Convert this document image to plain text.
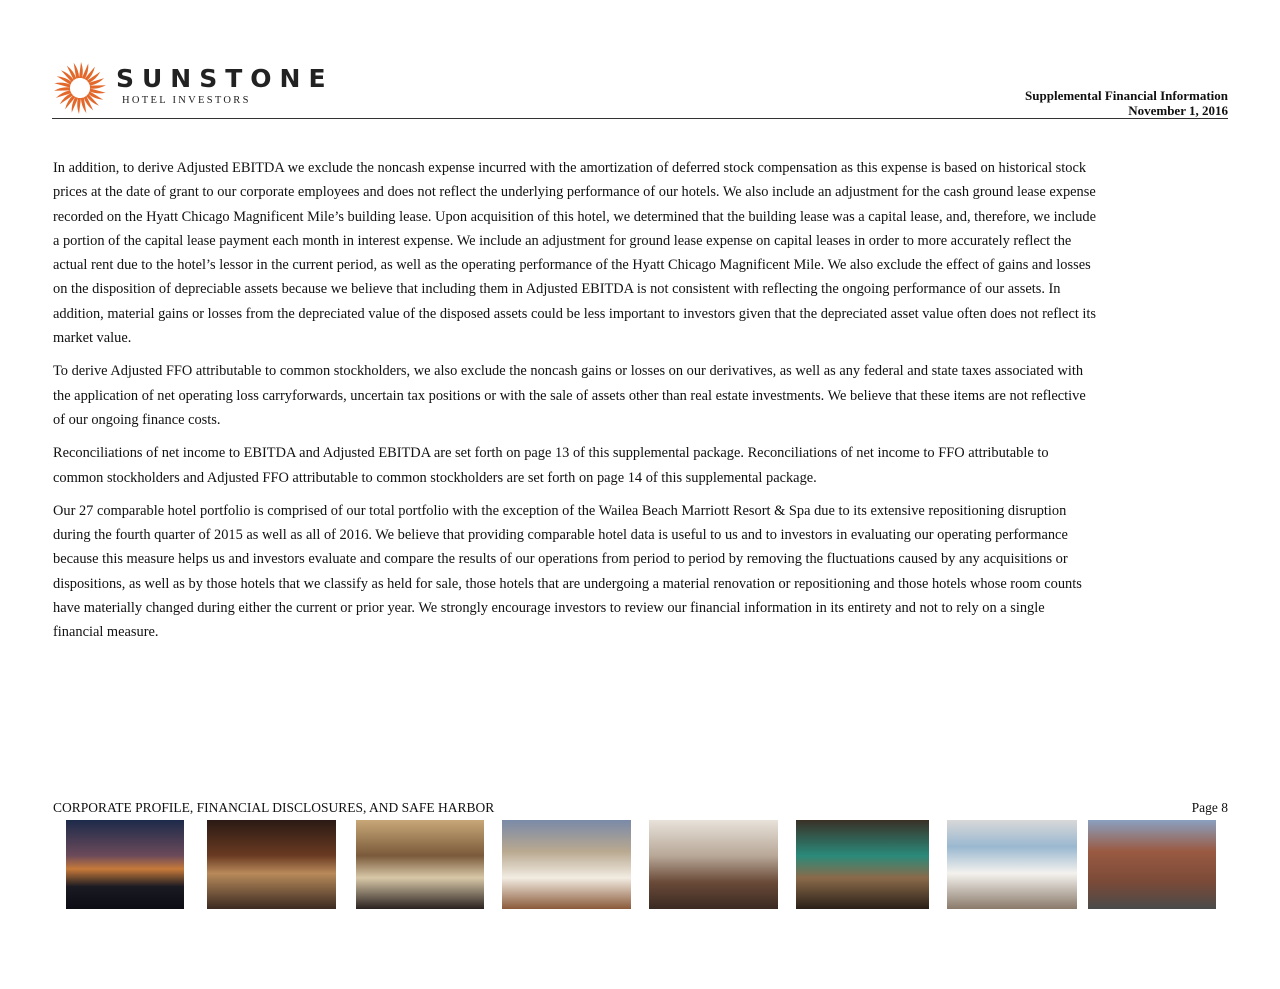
SUNSTONE
HOTEL INVESTORS	Supplemental Financial Information
November 1, 2016
In addition, to derive Adjusted EBITDA we exclude the noncash expense incurred with the amortization of deferred stock compensation as this expense is based on historical stock
prices at the date of grant to our corporate employees and does not reflect the underlying performance of our hotels. We also include an adjustment for the cash ground lease expense
recorded on the Hyatt Chicago Magnificent Mile’s building lease. Upon acquisition of this hotel, we determined that the building lease was a capital lease, and, therefore, we include
a portion of the capital lease payment each month in interest expense. We include an adjustment for ground lease expense on capital leases in order to more accurately reflect the
actual rent due to the hotel’s lessor in the current period, as well as the operating performance of the Hyatt Chicago Magnificent Mile. We also exclude the effect of gains and losses
on the disposition of depreciable assets because we believe that including them in Adjusted EBITDA is not consistent with reflecting the ongoing performance of our assets. In
addition, material gains or losses from the depreciated value of the disposed assets could be less important to investors given that the depreciated asset value often does not reflect its
market value.
To derive Adjusted FFO attributable to common stockholders, we also exclude the noncash gains or losses on our derivatives, as well as any federal and state taxes associated with
the application of net operating loss carryforwards, uncertain tax positions or with the sale of assets other than real estate investments. We believe that these items are not reflective
of our ongoing finance costs.
Reconciliations of net income to EBITDA and Adjusted EBITDA are set forth on page 13 of this supplemental package. Reconciliations of net income to FFO attributable to
common stockholders and Adjusted FFO attributable to common stockholders are set forth on page 14 of this supplemental package.
Our 27 comparable hotel portfolio is comprised of our total portfolio with the exception of the Wailea Beach Marriott Resort & Spa due to its extensive repositioning disruption
during the fourth quarter of 2015 as well as all of 2016. We believe that providing comparable hotel data is useful to us and to investors in evaluating our operating performance
because this measure helps us and investors evaluate and compare the results of our operations from period to period by removing the fluctuations caused by any acquisitions or
dispositions, as well as by those hotels that we classify as held for sale, those hotels that are undergoing a material renovation or repositioning and those hotels whose room counts
have materially changed during either the current or prior year. We strongly encourage investors to review our financial information in its entirety and not to rely on a single
financial measure.
CORPORATE PROFILE, FINANCIAL DISCLOSURES, AND SAFE HARBOR	Page 8
